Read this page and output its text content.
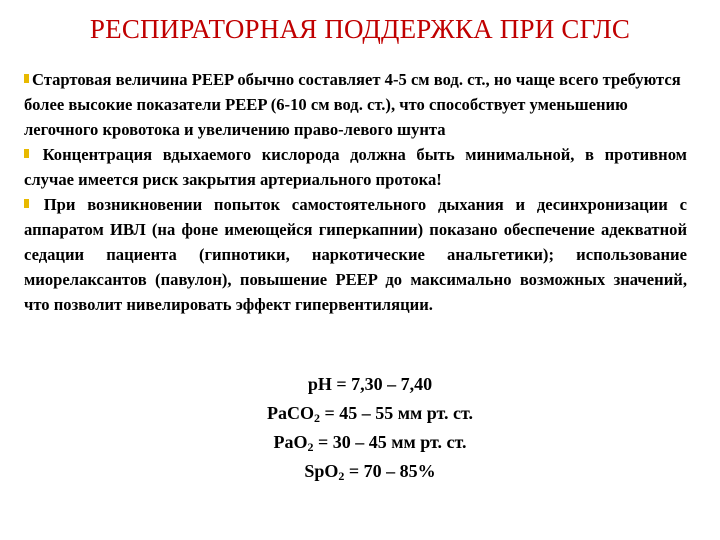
РЕСПИРАТОРНАЯ ПОДДЕРЖКА ПРИ СГЛС

Стартовая величина PEEP обычно составляет 4-5 см вод. ст., но чаще всего требуются более высокие показатели PEEP (6-10 см вод. ст.), что способствует уменьшению легочного кровотока и увеличению право-левого шунта

Концентрация вдыхаемого кислорода должна быть минимальной, в противном случае имеется риск закрытия артериального протока!

При возникновении попыток самостоятельного дыхания и десинхронизации с аппаратом ИВЛ (на фоне имеющейся гиперкапнии) показано обеспечение адекватной седации пациента (гипнотики, наркотические анальгетики); использование миорелаксантов (павулон), повышение PEEP до максимально возможных значений, что позволит нивелировать эффект гипервентиляции.

pH = 7,30 – 7,40
PaCO$_2$ = 45 – 55 мм рт. ст.
PaO$_2$ = 30 – 45 мм рт. ст.
SpO$_2$ = 70 – 85%
